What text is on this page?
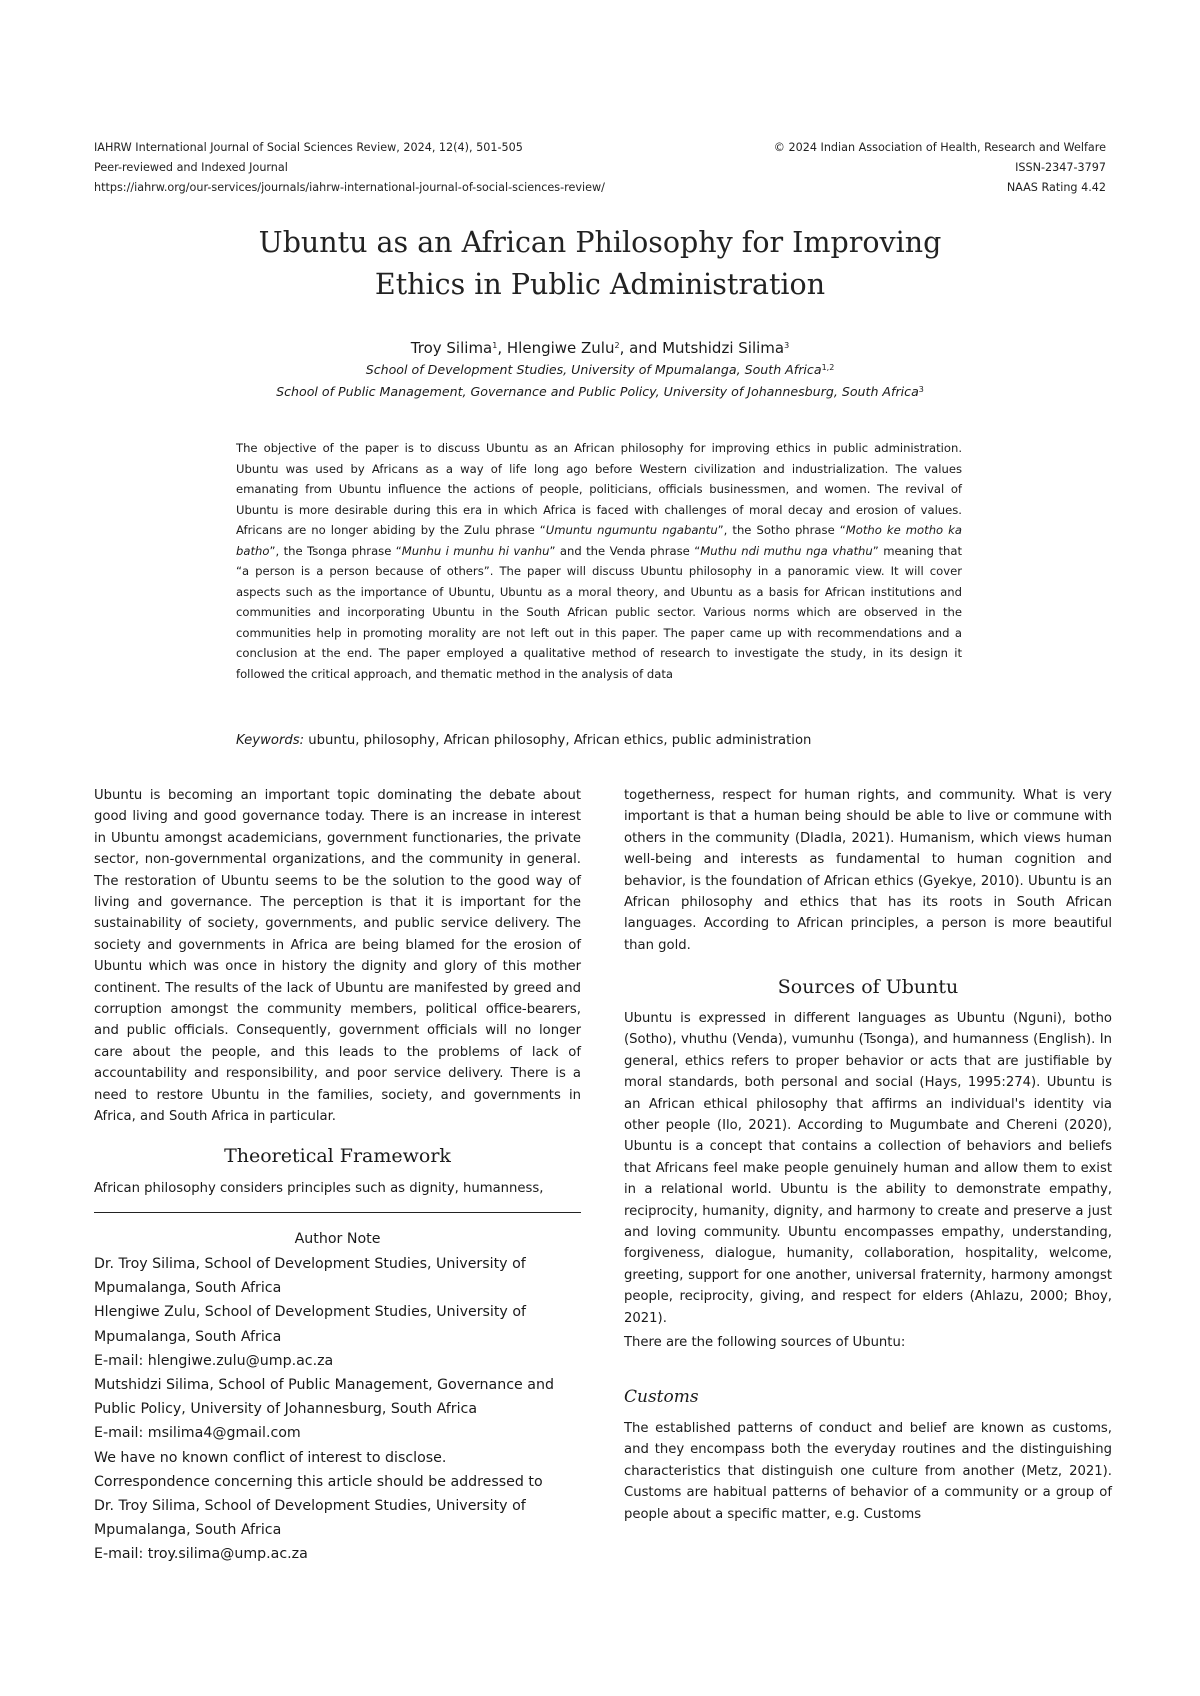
IAHRW International Journal of Social Sciences Review, 2024, 12(4), 501-505
Peer-reviewed and Indexed Journal
https://iahrw.org/our-services/journals/iahrw-international-journal-of-social-sciences-review/
© 2024 Indian Association of Health, Research and Welfare
ISSN-2347-3797
NAAS Rating 4.42
Ubuntu as an African Philosophy for Improving
Ethics in Public Administration
Troy Silima$^1$, Hlengiwe Zulu$^2$, and Mutshidzi Silima$^3$
School of Development Studies, University of Mpumalanga, South Africa$^{1,2}$
School of Public Management, Governance and Public Policy, University of Johannesburg, South Africa$^3$
The objective of the paper is to discuss Ubuntu as an African philosophy for improving ethics in public administration. Ubuntu was used by Africans as a way of life long ago before Western civilization and industrialization. The values emanating from Ubuntu influence the actions of people, politicians, officials businessmen, and women. The revival of Ubuntu is more desirable during this era in which Africa is faced with challenges of moral decay and erosion of values. Africans are no longer abiding by the Zulu phrase “Umuntu ngumuntu ngabantu”, the Sotho phrase “Motho ke motho ka batho”, the Tsonga phrase “Munhu i munhu hi vanhu” and the Venda phrase “Muthu ndi muthu nga vhathu” meaning that “a person is a person because of others”. The paper will discuss Ubuntu philosophy in a panoramic view. It will cover aspects such as the importance of Ubuntu, Ubuntu as a moral theory, and Ubuntu as a basis for African institutions and communities and incorporating Ubuntu in the South African public sector. Various norms which are observed in the communities help in promoting morality are not left out in this paper. The paper came up with recommendations and a conclusion at the end. The paper employed a qualitative method of research to investigate the study, in its design it followed the critical approach, and thematic method in the analysis of data
Keywords: ubuntu, philosophy, African philosophy, African ethics, public administration

Ubuntu is becoming an important topic dominating the debate about good living and good governance today. There is an increase in interest in Ubuntu amongst academicians, government functionaries, the private sector, non-governmental organizations, and the community in general. The restoration of Ubuntu seems to be the solution to the good way of living and governance. The perception is that it is important for the sustainability of society, governments, and public service delivery. The society and governments in Africa are being blamed for the erosion of Ubuntu which was once in history the dignity and glory of this mother continent. The results of the lack of Ubuntu are manifested by greed and corruption amongst the community members, political office-bearers, and public officials. Consequently, government officials will no longer care about the people, and this leads to the problems of lack of accountability and responsibility, and poor service delivery. There is a need to restore Ubuntu in the families, society, and governments in Africa, and South Africa in particular.

Theoretical Framework

African philosophy considers principles such as dignity, humanness,

Author Note
Dr. Troy Silima, School of Development Studies, University of
Mpumalanga, South Africa
Hlengiwe Zulu, School of Development Studies, University of
Mpumalanga, South Africa
E-mail: hlengiwe.zulu@ump.ac.za
Mutshidzi Silima, School of Public Management, Governance and
Public Policy, University of Johannesburg, South Africa
E-mail: msilima4@gmail.com
We have no known conflict of interest to disclose.
Correspondence concerning this article should be addressed to
Dr. Troy Silima, School of Development Studies, University of
Mpumalanga, South Africa
E-mail: troy.silima@ump.ac.za

togetherness, respect for human rights, and community. What is very important is that a human being should be able to live or commune with others in the community (Dladla, 2021). Humanism, which views human well-being and interests as fundamental to human cognition and behavior, is the foundation of African ethics (Gyekye, 2010). Ubuntu is an African philosophy and ethics that has its roots in South African languages. According to African principles, a person is more beautiful than gold.

Sources of Ubuntu

Ubuntu is expressed in different languages as Ubuntu (Nguni), botho (Sotho), vhuthu (Venda), vumunhu (Tsonga), and humanness (English). In general, ethics refers to proper behavior or acts that are justifiable by moral standards, both personal and social (Hays, 1995:274). Ubuntu is an African ethical philosophy that affirms an individual's identity via other people (Ilo, 2021). According to Mugumbate and Chereni (2020), Ubuntu is a concept that contains a collection of behaviors and beliefs that Africans feel make people genuinely human and allow them to exist in a relational world. Ubuntu is the ability to demonstrate empathy, reciprocity, humanity, dignity, and harmony to create and preserve a just and loving community. Ubuntu encompasses empathy, understanding, forgiveness, dialogue, humanity, collaboration, hospitality, welcome, greeting, support for one another, universal fraternity, harmony amongst people, reciprocity, giving, and respect for elders (Ahlazu, 2000; Bhoy, 2021).

There are the following sources of Ubuntu:

Customs

The established patterns of conduct and belief are known as customs, and they encompass both the everyday routines and the distinguishing characteristics that distinguish one culture from another (Metz, 2021). Customs are habitual patterns of behavior of a community or a group of people about a specific matter, e.g. Customs
